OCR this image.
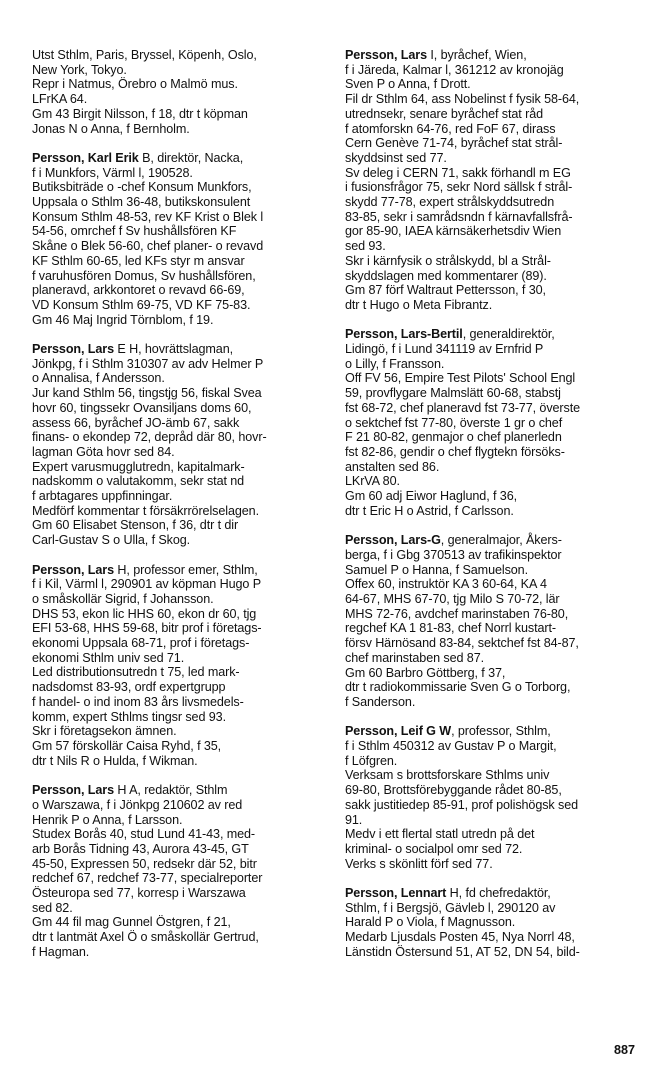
Utst Sthlm, Paris, Bryssel, Köpenh, Oslo,
New York, Tokyo.
Repr i Natmus, Örebro o Malmö mus.
LFrKA 64.
Gm 43 Birgit Nilsson, f 18, dtr t köpman
Jonas N o Anna, f Bernholm.
Persson, Karl Erik B, direktör, Nacka,
f i Munkfors, Värml l, 190528.
Butiksbiträde o -chef Konsum Munkfors,
Uppsala o Sthlm 36-48, butikskonsulent
Konsum Sthlm 48-53, rev KF Krist o Blek l
54-56, omrchef f Sv hushållsfören KF
Skåne o Blek 56-60, chef planer- o revavd
KF Sthlm 60-65, led KFs styr m ansvar
f varuhusfören Domus, Sv hushållsfören,
planeravd, arkkontoret o revavd 66-69,
VD Konsum Sthlm 69-75, VD KF 75-83.
Gm 46 Maj Ingrid Törnblom, f 19.
Persson, Lars E H, hovrättslagman,
Jönkpg, f i Sthlm 310307 av adv Helmer P
o Annalisa, f Andersson.
Jur kand Sthlm 56, tingstjg 56, fiskal Svea
hovr 60, tingssekr Ovansiljans doms 60,
assess 66, byråchef JO-ämb 67, sakk
finans- o ekondep 72, depråd där 80, hovr-
lagman Göta hovr sed 84.
Expert varusmugglutredn, kapitalmark-
nadskomm o valutakomm, sekr stat nd
f arbtagares uppfinningar.
Medförf kommentar t försäkrrörelselagen.
Gm 60 Elisabet Stenson, f 36, dtr t dir
Carl-Gustav S o Ulla, f Skog.
Persson, Lars H, professor emer, Sthlm,
f i Kil, Värml l, 290901 av köpman Hugo P
o småskollär Sigrid, f Johansson.
DHS 53, ekon lic HHS 60, ekon dr 60, tjg
EFI 53-68, HHS 59-68, bitr prof i företags-
ekonomi Uppsala 68-71, prof i företags-
ekonomi Sthlm univ sed 71.
Led distributionsutredn t 75, led mark-
nadsdomst 83-93, ordf expertgrupp
f handel- o ind inom 83 års livsmedels-
komm, expert Sthlms tingsr sed 93.
Skr i företagsekon ämnen.
Gm 57 förskollär Caisa Ryhd, f 35,
dtr t Nils R o Hulda, f Wikman.
Persson, Lars H A, redaktör, Sthlm
o Warszawa, f i Jönkpg 210602 av red
Henrik P o Anna, f Larsson.
Studex Borås 40, stud Lund 41-43, med-
arb Borås Tidning 43, Aurora 43-45, GT
45-50, Expressen 50, redsekr där 52, bitr
redchef 67, redchef 73-77, specialreporter
Östeuropa sed 77, korresp i Warszawa
sed 82.
Gm 44 fil mag Gunnel Östgren, f 21,
dtr t lantmät Axel Ö o småskollär Gertrud,
f Hagman.
Persson, Lars I, byråchef, Wien,
f i Järeda, Kalmar l, 361212 av kronojäg
Sven P o Anna, f Drott.
Fil dr Sthlm 64, ass Nobelinst f fysik 58-64,
utrednsekr, senare byråchef stat råd
f atomforskn 64-76, red FoF 67, dirass
Cern Genève 71-74, byråchef stat strål-
skyddsinst sed 77.
Sv deleg i CERN 71, sakk förhandl m EG
i fusionsfrågor 75, sekr Nord sällsk f strål-
skydd 77-78, expert strålskyddsutredn
83-85, sekr i samrådsndn f kärnavfallsfrå-
gor 85-90, IAEA kärnsäkerhetsdiv Wien
sed 93.
Skr i kärnfysik o strålskydd, bl a Strål-
skyddslagen med kommentarer (89).
Gm 87 förf Waltraut Pettersson, f 30,
dtr t Hugo o Meta Fibrantz.
Persson, Lars-Bertil, generaldirektör,
Lidingö, f i Lund 341119 av Ernfrid P
o Lilly, f Fransson.
Off FV 56, Empire Test Pilots' School Engl
59, provflygare Malmslätt 60-68, stabstj
fst 68-72, chef planeravd fst 73-77, överste
o sektchef fst 77-80, överste 1 gr o chef
F 21 80-82, genmajor o chef planerledn
fst 82-86, gendir o chef flygtekn försöks-
anstalten sed 86.
LKrVA 80.
Gm 60 adj Eiwor Haglund, f 36,
dtr t Eric H o Astrid, f Carlsson.
Persson, Lars-G, generalmajor, Åkers-
berga, f i Gbg 370513 av trafikinspektor
Samuel P o Hanna, f Samuelson.
Offex 60, instruktör KA 3 60-64, KA 4
64-67, MHS 67-70, tjg Milo S 70-72, lär
MHS 72-76, avdchef marinstaben 76-80,
regchef KA 1 81-83, chef Norrl kustart-
försv Härnösand 83-84, sektchef fst 84-87,
chef marinstaben sed 87.
Gm 60 Barbro Göttberg, f 37,
dtr t radiokommissarie Sven G o Torborg,
f Sanderson.
Persson, Leif G W, professor, Sthlm,
f i Sthlm 450312 av Gustav P o Margit,
f Löfgren.
Verksam s brottsforskare Sthlms univ
69-80, Brottsförebyggande rådet 80-85,
sakk justitiedep 85-91, prof polishögsk sed
91.
Medv i ett flertal statl utredn på det
kriminal- o socialpol omr sed 72.
Verks s skönlitt förf sed 77.
Persson, Lennart H, fd chefredaktör,
Sthlm, f i Bergsjö, Gävleb l, 290120 av
Harald P o Viola, f Magnusson.
Medarb Ljusdals Posten 45, Nya Norrl 48,
Länstidn Östersund 51, AT 52, DN 54, bild-
887
